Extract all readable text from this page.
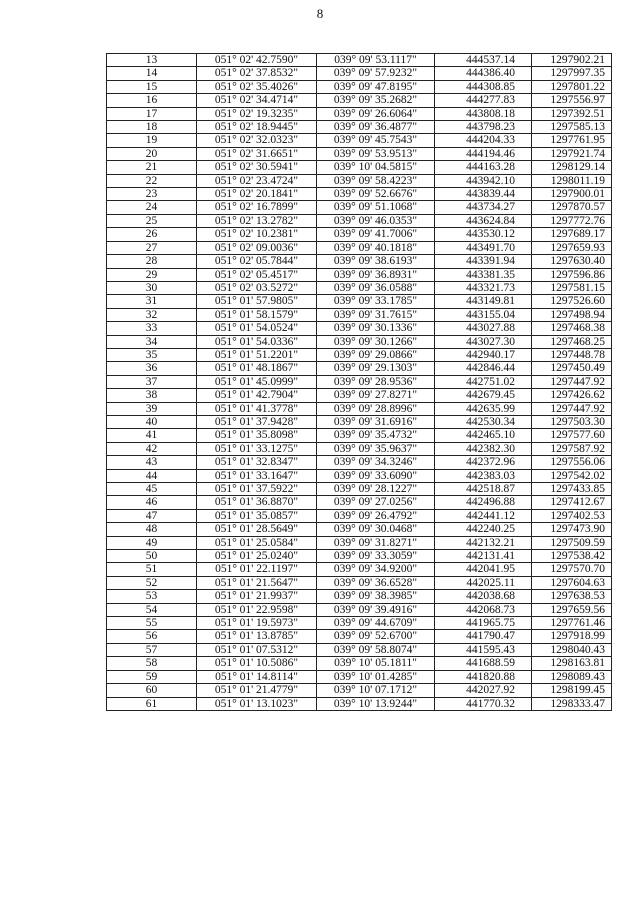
8
13	051° 02' 42.7590"	039° 09' 53.1117"	444537.14	1297902.21
14	051° 02' 37.8532"	039° 09' 57.9232"	444386.40	1297997.35
15	051° 02' 35.4026"	039° 09' 47.8195"	444308.85	1297801.22
16	051° 02' 34.4714"	039° 09' 35.2682"	444277.83	1297556.97
17	051° 02' 19.3235"	039° 09' 26.6064"	443808.18	1297392.51
18	051° 02' 18.9445"	039° 09' 36.4877"	443798.23	1297585.13
19	051° 02' 32.0323"	039° 09' 45.7543"	444204.33	1297761.95
20	051° 02' 31.6651"	039° 09' 53.9513"	444194.46	1297921.74
21	051° 02' 30.5941"	039° 10' 04.5815"	444163.28	1298129.14
22	051° 02' 23.4724"	039° 09' 58.4223"	443942.10	1298011.19
23	051° 02' 20.1841"	039° 09' 52.6676"	443839.44	1297900.01
24	051° 02' 16.7899"	039° 09' 51.1068"	443734.27	1297870.57
25	051° 02' 13.2782"	039° 09' 46.0353"	443624.84	1297772.76
26	051° 02' 10.2381"	039° 09' 41.7006"	443530.12	1297689.17
27	051° 02' 09.0036"	039° 09' 40.1818"	443491.70	1297659.93
28	051° 02' 05.7844"	039° 09' 38.6193"	443391.94	1297630.40
29	051° 02' 05.4517"	039° 09' 36.8931"	443381.35	1297596.86
30	051° 02' 03.5272"	039° 09' 36.0588"	443321.73	1297581.15
31	051° 01' 57.9805"	039° 09' 33.1785"	443149.81	1297526.60
32	051° 01' 58.1579"	039° 09' 31.7615"	443155.04	1297498.94
33	051° 01' 54.0524"	039° 09' 30.1336"	443027.88	1297468.38
34	051° 01' 54.0336"	039° 09' 30.1266"	443027.30	1297468.25
35	051° 01' 51.2201"	039° 09' 29.0866"	442940.17	1297448.78
36	051° 01' 48.1867"	039° 09' 29.1303"	442846.44	1297450.49
37	051° 01' 45.0999"	039° 09' 28.9536"	442751.02	1297447.92
38	051° 01' 42.7904"	039° 09' 27.8271"	442679.45	1297426.62
39	051° 01' 41.3778"	039° 09' 28.8996"	442635.99	1297447.92
40	051° 01' 37.9428"	039° 09' 31.6916"	442530.34	1297503.30
41	051° 01' 35.8098"	039° 09' 35.4732"	442465.10	1297577.60
42	051° 01' 33.1275"	039° 09' 35.9637"	442382.30	1297587.92
43	051° 01' 32.8347"	039° 09' 34.3246"	442372.96	1297556.06
44	051° 01' 33.1647"	039° 09' 33.6090"	442383.03	1297542.02
45	051° 01' 37.5922"	039° 09' 28.1227"	442518.87	1297433.85
46	051° 01' 36.8870"	039° 09' 27.0256"	442496.88	1297412.67
47	051° 01' 35.0857"	039° 09' 26.4792"	442441.12	1297402.53
48	051° 01' 28.5649"	039° 09' 30.0468"	442240.25	1297473.90
49	051° 01' 25.0584"	039° 09' 31.8271"	442132.21	1297509.59
50	051° 01' 25.0240"	039° 09' 33.3059"	442131.41	1297538.42
51	051° 01' 22.1197"	039° 09' 34.9200"	442041.95	1297570.70
52	051° 01' 21.5647"	039° 09' 36.6528"	442025.11	1297604.63
53	051° 01' 21.9937"	039° 09' 38.3985"	442038.68	1297638.53
54	051° 01' 22.9598"	039° 09' 39.4916"	442068.73	1297659.56
55	051° 01' 19.5973"	039° 09' 44.6709"	441965.75	1297761.46
56	051° 01' 13.8785"	039° 09' 52.6700"	441790.47	1297918.99
57	051° 01' 07.5312"	039° 09' 58.8074"	441595.43	1298040.43
58	051° 01' 10.5086"	039° 10' 05.1811"	441688.59	1298163.81
59	051° 01' 14.8114"	039° 10' 01.4285"	441820.88	1298089.43
60	051° 01' 21.4779"	039° 10' 07.1712"	442027.92	1298199.45
61	051° 01' 13.1023"	039° 10' 13.9244"	441770.32	1298333.47
